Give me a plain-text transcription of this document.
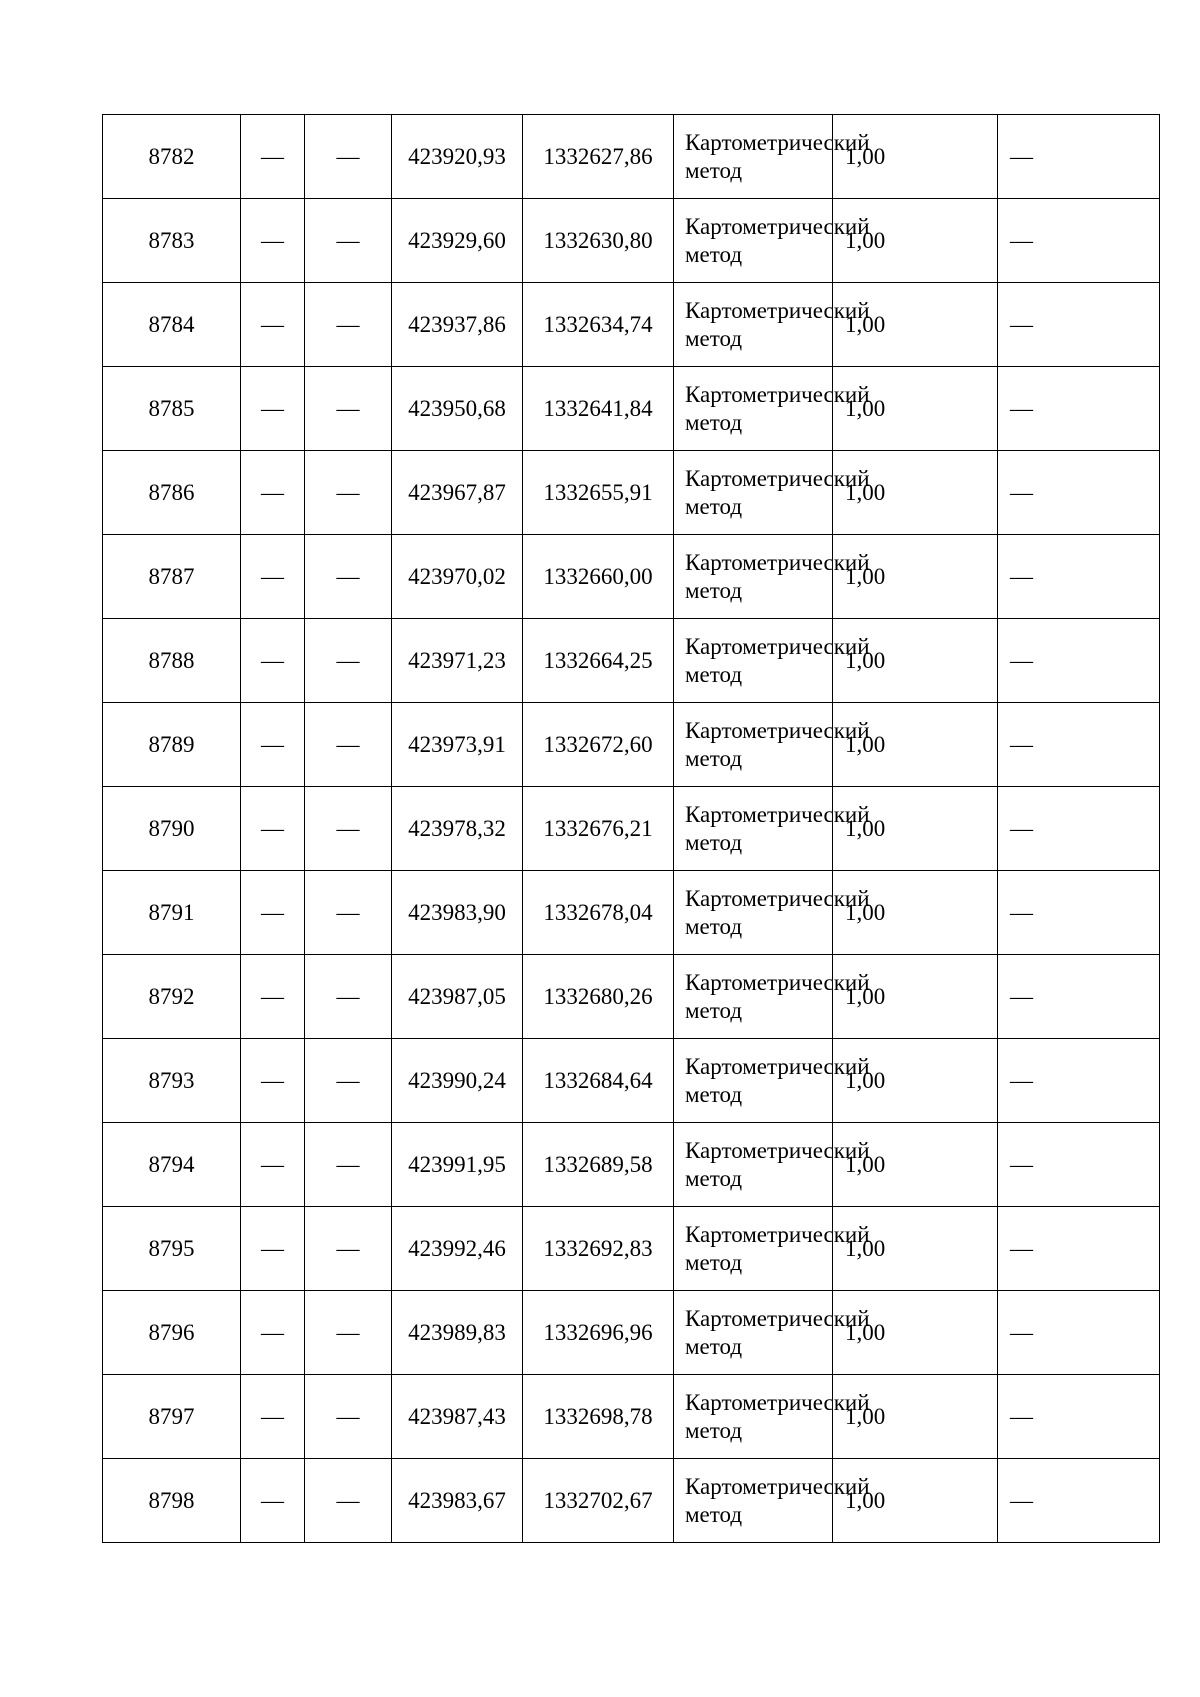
8782	—	—	423920,93	1332627,86	Картометрический метод	1,00	—
8783	—	—	423929,60	1332630,80	Картометрический метод	1,00	—
8784	—	—	423937,86	1332634,74	Картометрический метод	1,00	—
8785	—	—	423950,68	1332641,84	Картометрический метод	1,00	—
8786	—	—	423967,87	1332655,91	Картометрический метод	1,00	—
8787	—	—	423970,02	1332660,00	Картометрический метод	1,00	—
8788	—	—	423971,23	1332664,25	Картометрический метод	1,00	—
8789	—	—	423973,91	1332672,60	Картометрический метод	1,00	—
8790	—	—	423978,32	1332676,21	Картометрический метод	1,00	—
8791	—	—	423983,90	1332678,04	Картометрический метод	1,00	—
8792	—	—	423987,05	1332680,26	Картометрический метод	1,00	—
8793	—	—	423990,24	1332684,64	Картометрический метод	1,00	—
8794	—	—	423991,95	1332689,58	Картометрический метод	1,00	—
8795	—	—	423992,46	1332692,83	Картометрический метод	1,00	—
8796	—	—	423989,83	1332696,96	Картометрический метод	1,00	—
8797	—	—	423987,43	1332698,78	Картометрический метод	1,00	—
8798	—	—	423983,67	1332702,67	Картометрический метод	1,00	—
